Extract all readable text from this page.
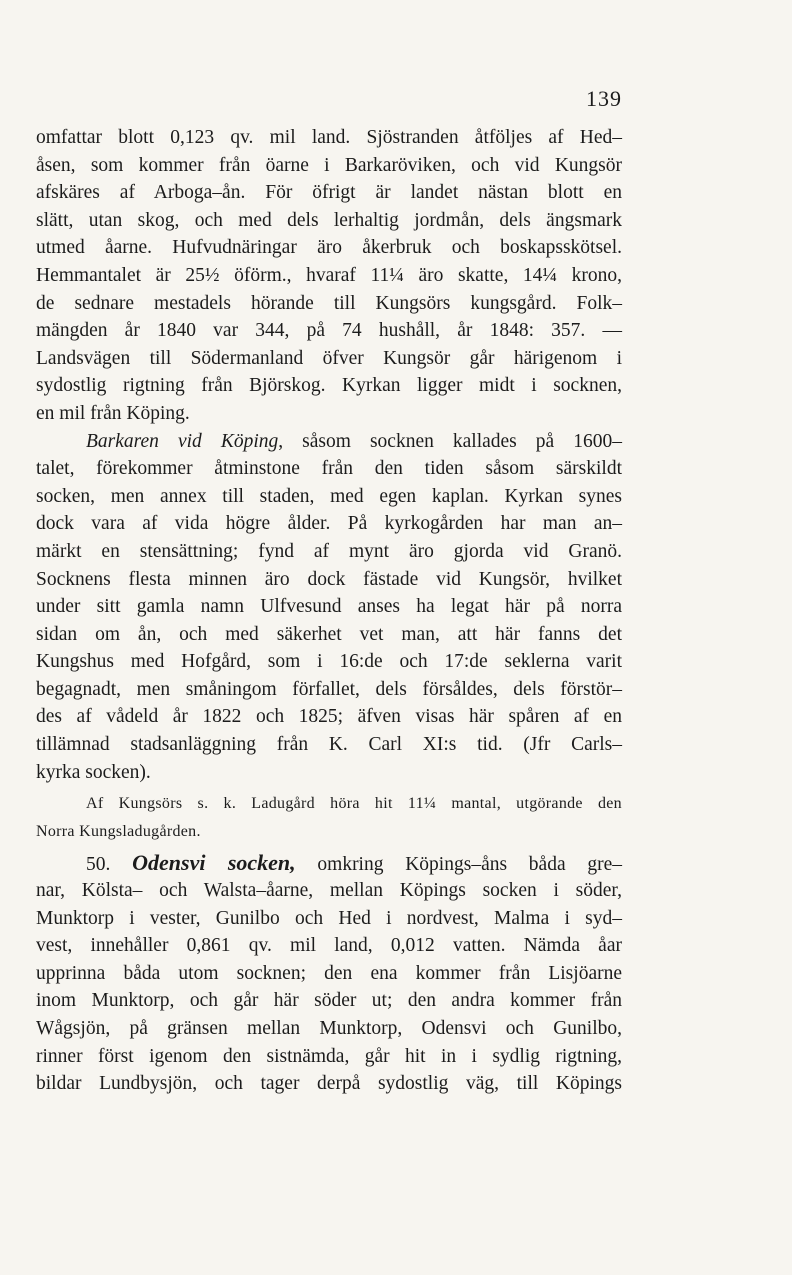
139
omfattar blott 0,123 qv. mil land. Sjöstranden åtföljes af Hed–
åsen, som kommer från öarne i Barkaröviken, och vid Kungsör
afskäres af Arboga–ån. För öfrigt är landet nästan blott en
slätt, utan skog, och med dels lerhaltig jordmån, dels ängsmark
utmed åarne. Hufvudnäringar äro åkerbruk och boskapsskötsel.
Hemmantalet är 25½ öförm., hvaraf 11¼ äro skatte, 14¼ krono,
de sednare mestadels hörande till Kungsörs kungsgård. Folk–
mängden år 1840 var 344, på 74 hushåll, år 1848: 357. —
Landsvägen till Södermanland öfver Kungsör går härigenom i
sydostlig rigtning från Björskog. Kyrkan ligger midt i socknen,
en mil från Köping.
Barkaren vid Köping, såsom socknen kallades på 1600–
talet, förekommer åtminstone från den tiden såsom särskildt
socken, men annex till staden, med egen kaplan. Kyrkan synes
dock vara af vida högre ålder. På kyrkogården har man an–
märkt en stensättning; fynd af mynt äro gjorda vid Granö.
Socknens flesta minnen äro dock fästade vid Kungsör, hvilket
under sitt gamla namn Ulfvesund anses ha legat här på norra
sidan om ån, och med säkerhet vet man, att här fanns det
Kungshus med Hofgård, som i 16:de och 17:de seklerna varit
begagnadt, men småningom förfallet, dels försåldes, dels förstör–
des af vådeld år 1822 och 1825; äfven visas här spåren af en
tillämnad stadsanläggning från K. Carl XI:s tid. (Jfr Carls–
kyrka socken).
Af Kungsörs s. k. Ladugård höra hit 11¼ mantal, utgörande den
Norra Kungsladugården.
50. Odensvi socken, omkring Köpings–åns båda gre–
nar, Kölsta– och Walsta–åarne, mellan Köpings socken i söder,
Munktorp i vester, Gunilbo och Hed i nordvest, Malma i syd–
vest, innehåller 0,861 qv. mil land, 0,012 vatten. Nämda åar
upprinna båda utom socknen; den ena kommer från Lisjöarne
inom Munktorp, och går här söder ut; den andra kommer från
Wågsjön, på gränsen mellan Munktorp, Odensvi och Gunilbo,
rinner först igenom den sistnämda, går hit in i sydlig rigtning,
bildar Lundbysjön, och tager derpå sydostlig väg, till Köpings
